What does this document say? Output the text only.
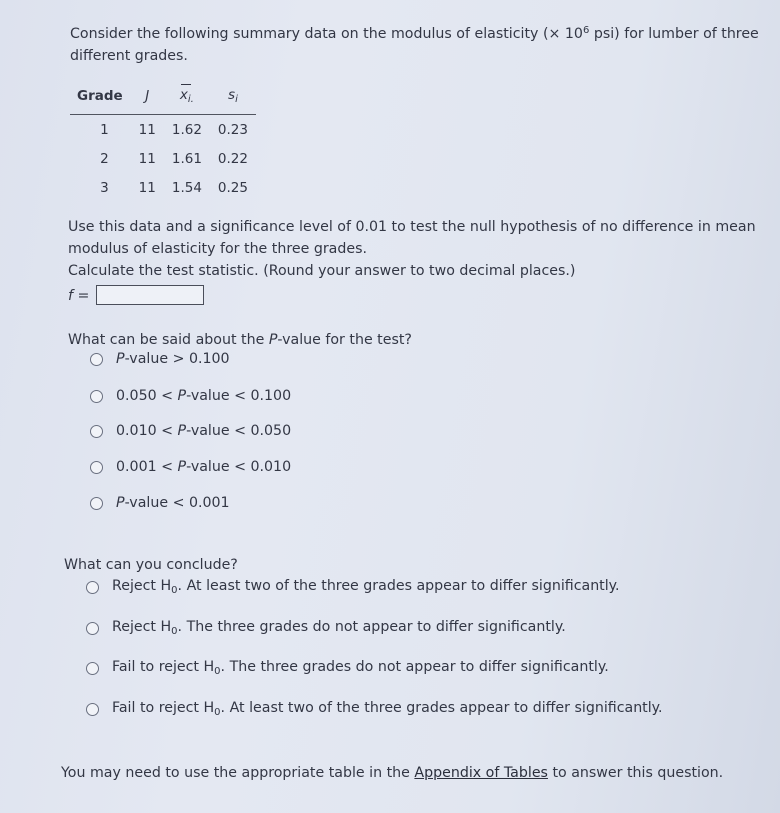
Consider the following summary data on the modulus of elasticity (× $10^6$ psi) for lumber of three
different grades.
Grade	J	$x_{i.}$	$s_i$
1	11	1.62	0.23
2	11	1.61	0.22
3	11	1.54	0.25
Use this data and a significance level of 0.01 to test the null hypothesis of no difference in mean
modulus of elasticity for the three grades.
Calculate the test statistic. (Round your answer to two decimal places.)
f =
What can be said about the P-value for the test?
P-value > 0.100
0.050 < P-value < 0.100
0.010 < P-value < 0.050
0.001 < P-value < 0.010
P-value < 0.001
What can you conclude?
Reject $H_0$. At least two of the three grades appear to differ significantly.
Reject $H_0$. The three grades do not appear to differ significantly.
Fail to reject $H_0$. The three grades do not appear to differ significantly.
Fail to reject $H_0$. At least two of the three grades appear to differ significantly.
You may need to use the appropriate table in the Appendix of Tables to answer this question.
